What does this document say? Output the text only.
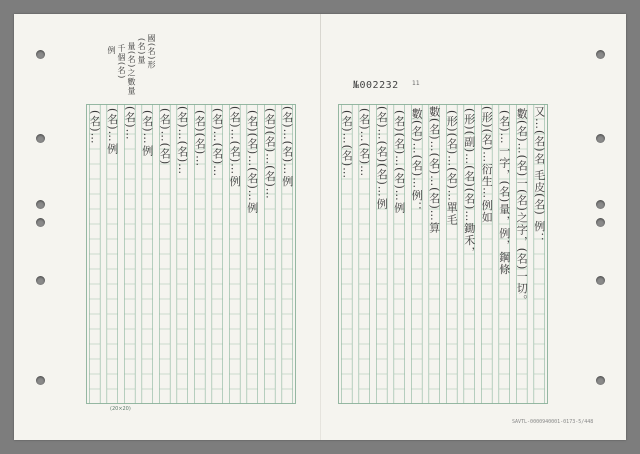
國(名)形
(名)量
量(名)之數量
千個(名)
例
№002232 11
(名)…(名)…例
(名)(名)…(名)…
(名)(名)…(名)…例
(名)…(名)…例
(名)…(名)…
(名)(名)…
(名)…(名)…
(名)…(名)
(名)…例
(名)…
(名)…例
(名)…	又…(名)名 毛皮(名) 例：
數(名)…(名)一(名)之字，(名)一切。
(名)…一字，(名)量，例，鋼條
(形)(名)…衍生…例如
(形)(副)…(名)(名)…鋤禾，
(形)(名)…(名)…單毛
數(名)…(名)…(名)…算
數(名)…(名)…例：
(名)(名)…(名)…例
(名)…(名)(名)…例
(名)…(名)…
(名)…(名)…
(20×20)
SAVTL-0000940001-0173-5/448
